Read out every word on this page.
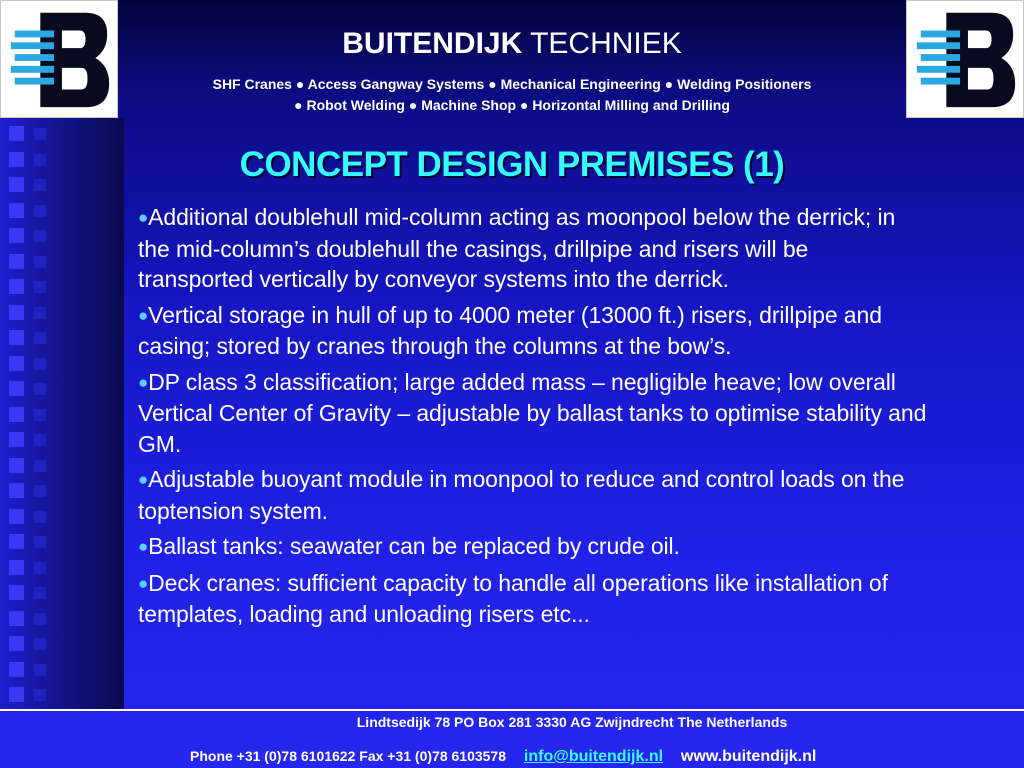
BUITENDIJK TECHNIEK
SHF Cranes ● Access Gangway Systems ● Mechanical Engineering ● Welding Positioners
● Robot Welding ● Machine Shop ● Horizontal Milling and Drilling
CONCEPT DESIGN PREMISES (1)
●Additional doublehull mid-column acting as moonpool below the derrick; in the mid-column’s doublehull the casings, drillpipe and risers will be transported vertically by conveyor systems into the derrick.
●Vertical storage in hull of up to 4000 meter (13000 ft.) risers, drillpipe and casing; stored by cranes through the columns at the bow’s.
●DP class 3 classification; large added mass – negligible heave; low overall Vertical Center of Gravity – adjustable by ballast tanks to optimise stability and GM.
●Adjustable buoyant module in moonpool to reduce and control loads on the toptension system.
●Ballast tanks: seawater can be replaced by crude oil.
●Deck cranes: sufficient capacity to handle all operations like installation of templates, loading and unloading risers etc...
Lindtsedijk 78 PO Box 281 3330 AG Zwijndrecht The Netherlands
Phone +31 (0)78 6101622 Fax +31 (0)78 6103578 info@buitendijk.nl www.buitendijk.nl
